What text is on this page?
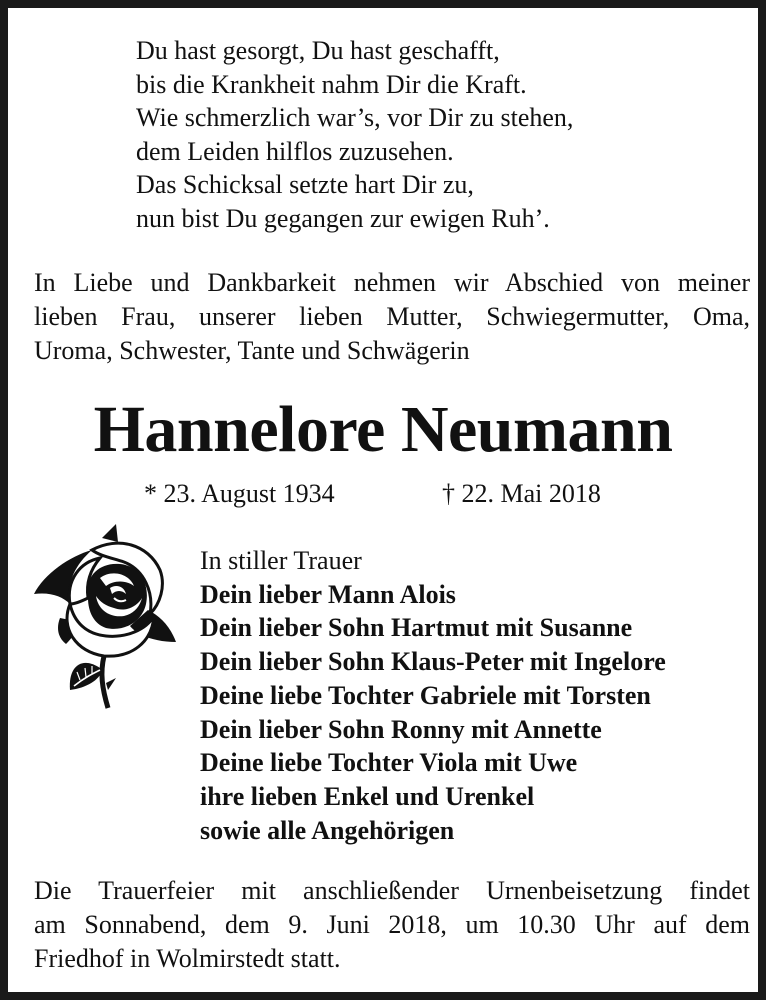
Du hast gesorgt, Du hast geschafft,
bis die Krankheit nahm Dir die Kraft.
Wie schmerzlich war’s, vor Dir zu stehen,
dem Leiden hilflos zuzusehen.
Das Schicksal setzte hart Dir zu,
nun bist Du gegangen zur ewigen Ruh’.
In Liebe und Dankbarkeit nehmen wir Abschied von meiner
lieben Frau, unserer lieben Mutter, Schwiegermutter, Oma,
Uroma, Schwester, Tante und Schwägerin
Hannelore Neumann
* 23. August 1934	† 22. Mai 2018
In stiller Trauer
Dein lieber Mann Alois
Dein lieber Sohn Hartmut mit Susanne
Dein lieber Sohn Klaus-Peter mit Ingelore
Deine liebe Tochter Gabriele mit Torsten
Dein lieber Sohn Ronny mit Annette
Deine liebe Tochter Viola mit Uwe
ihre lieben Enkel und Urenkel
sowie alle Angehörigen
Die Trauerfeier mit anschließender Urnenbeisetzung findet
am Sonnabend, dem 9. Juni 2018, um 10.30 Uhr auf dem
Friedhof in Wolmirstedt statt.
